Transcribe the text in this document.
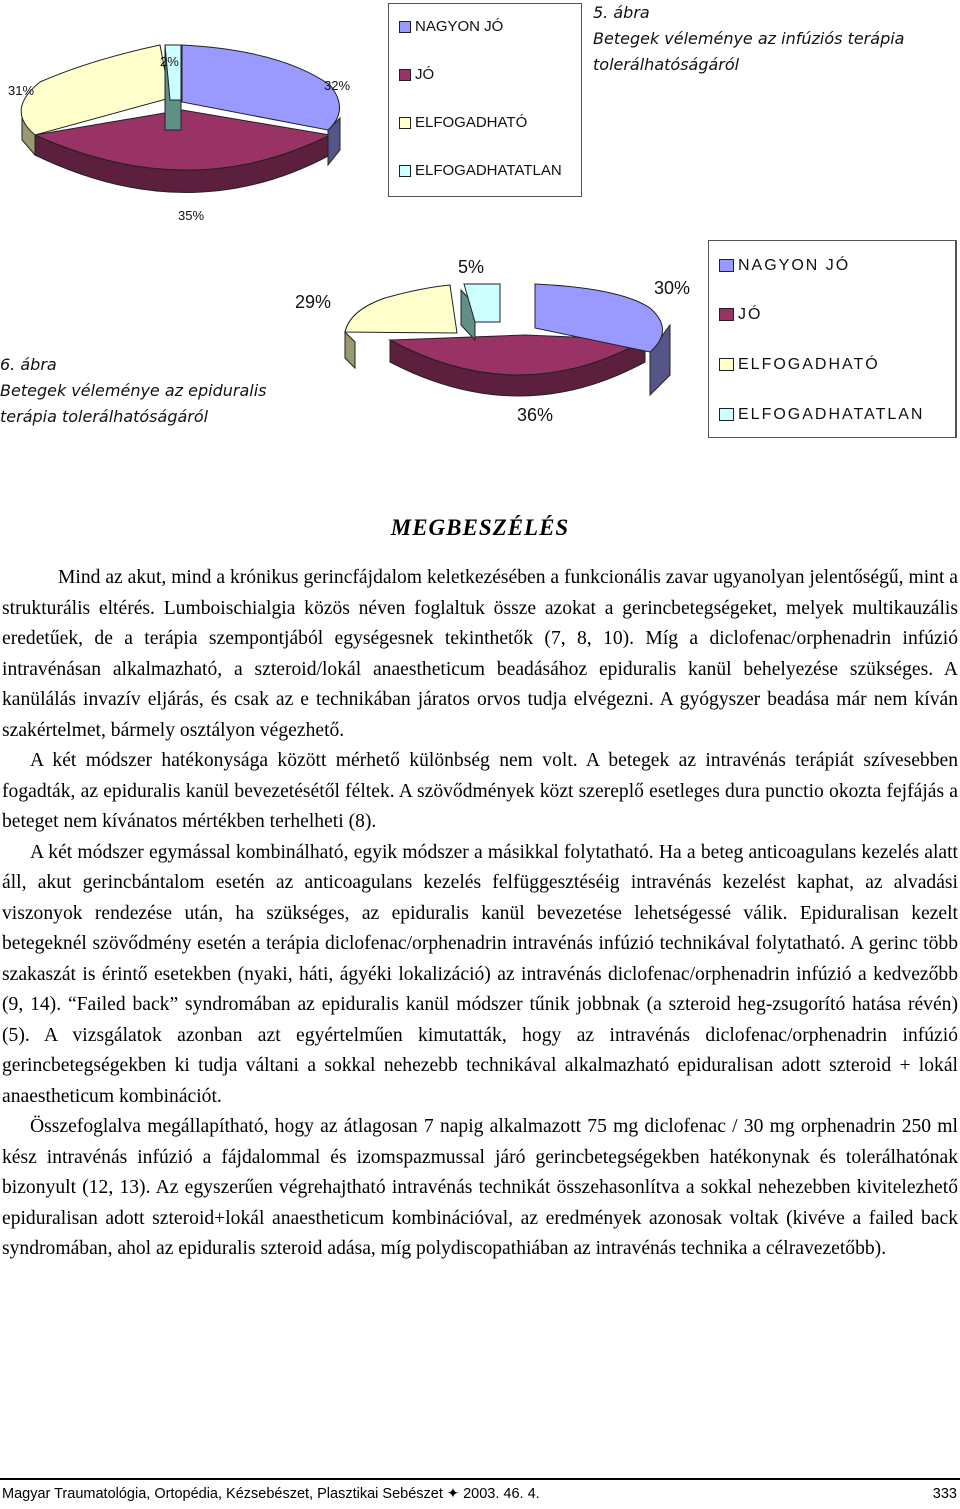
31%
2%
32%
35%
NAGYON JÓ
JÓ
ELFOGADHATÓ
ELFOGADHATATLAN
5. ábra
Betegek véleménye az infúziós terápia tolerálhatóságáról
6. ábra
Betegek véleménye az epiduralis terápia tolerálhatóságáról
29%
5%
30%
36%
NAGYON JÓ
JÓ
ELFOGADHATÓ
ELFOGADHATATLAN
MEGBESZÉLÉS

Mind az akut, mind a krónikus gerincfájdalom keletkezésében a funkcionális zavar ugyanolyan jelentőségű, mint a strukturális eltérés. Lumboischialgia közös néven foglaltuk össze azokat a gerincbetegségeket, melyek multikauzális eredetűek, de a terápia szempontjából egységesnek tekinthetők (7, 8, 10). Míg a diclofenac/orphenadrin infúzió intravénásan alkalmazható, a szteroid/lokál anaestheticum beadásához epiduralis kanül behelyezése szükséges. A kanülálás invazív eljárás, és csak az e technikában járatos orvos tudja elvégezni. A gyógyszer beadása már nem kíván szakértelmet, bármely osztályon végezhető.

A két módszer hatékonysága között mérhető különbség nem volt. A betegek az intravénás terápiát szívesebben fogadták, az epiduralis kanül bevezetésétől féltek. A szövődmények közt szereplő esetleges dura punctio okozta fejfájás a beteget nem kívánatos mértékben terhelheti (8).

A két módszer egymással kombinálható, egyik módszer a másikkal folytatható. Ha a beteg anticoagulans kezelés alatt áll, akut gerincbántalom esetén az anticoagulans kezelés felfüggesztéséig intravénás kezelést kaphat, az alvadási viszonyok rendezése után, ha szükséges, az epiduralis kanül bevezetése lehetségessé válik. Epiduralisan kezelt betegeknél szövődmény esetén a terápia diclofenac/orphenadrin intravénás infúzió technikával folytatható. A gerinc több szakaszát is érintő esetekben (nyaki, háti, ágyéki lokalizáció) az intravénás diclofenac/orphenadrin infúzió a kedvezőbb (9, 14). “Failed back” syndromában az epiduralis kanül módszer tűnik jobbnak (a szteroid heg-zsugorító hatása révén) (5). A vizsgálatok azonban azt egyértelműen kimutatták, hogy az intravénás diclofenac/orphenadrin infúzió gerincbetegségekben ki tudja váltani a sokkal nehezebb technikával alkalmazható epiduralisan adott szteroid + lokál anaestheticum kombinációt.

Összefoglalva megállapítható, hogy az átlagosan 7 napig alkalmazott 75 mg diclofenac / 30 mg orphenadrin 250 ml kész intravénás infúzió a fájdalommal és izomspazmussal járó gerincbetegségekben hatékonynak és tolerálhatónak bizonyult (12, 13). Az egyszerűen végrehajtható intravénás technikát összehasonlítva a sokkal nehezebben kivitelezhető epiduralisan adott szteroid+lokál anaestheticum kombinációval, az eredmények azonosak voltak (kivéve a failed back syndromában, ahol az epiduralis szteroid adása, míg polydiscopathiában az intravénás technika a célravezetőbb).

Magyar Traumatológia, Ortopédia, Kézsebészet, Plasztikai Sebészet ✦ 2003. 46. 4.	333
